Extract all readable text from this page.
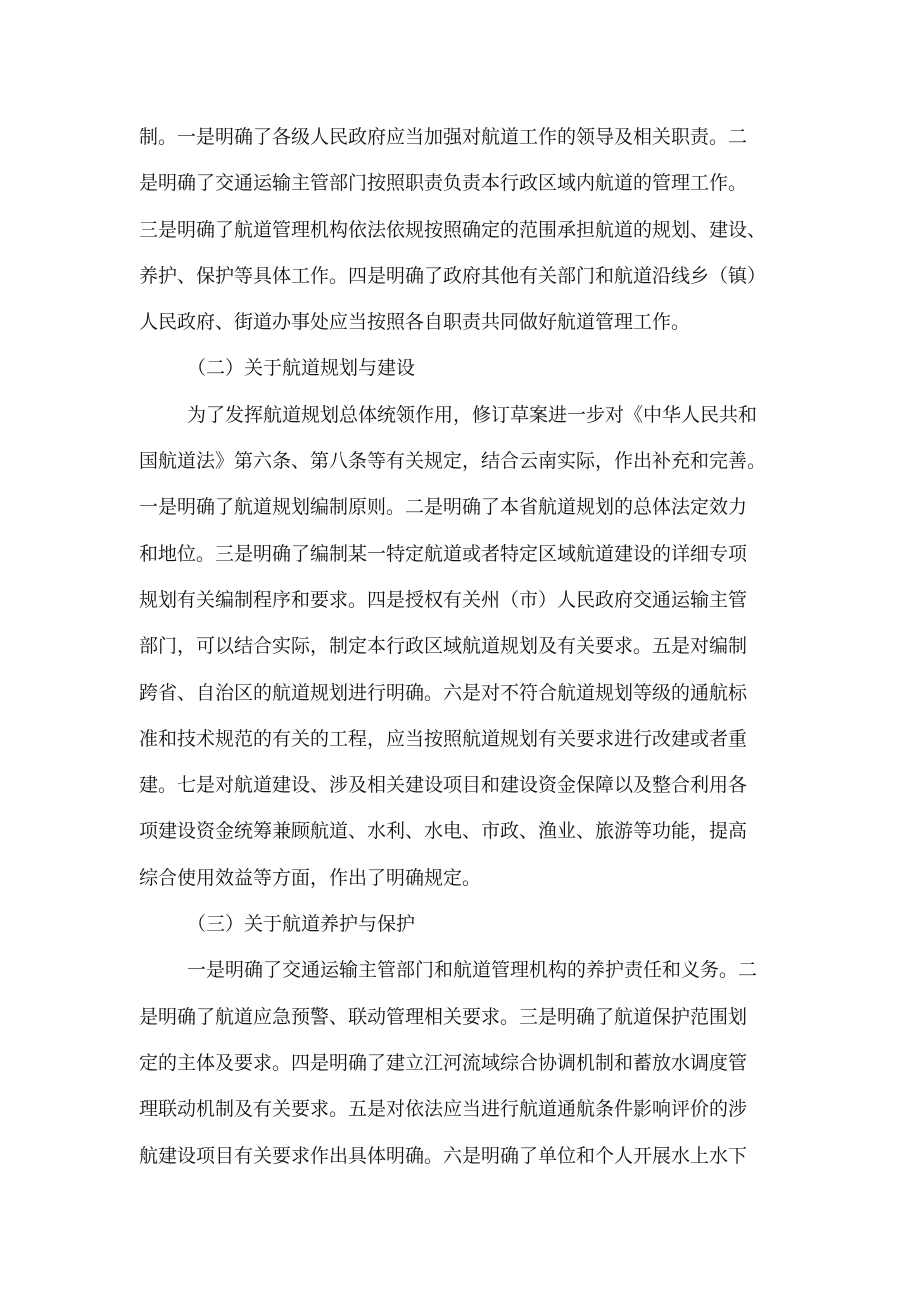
制。一是明确了各级人民政府应当加强对航道工作的领导及相关职责。二
是明确了交通运输主管部门按照职责负责本行政区域内航道的管理工作。
三是明确了航道管理机构依法依规按照确定的范围承担航道的规划、建设、
养护、保护等具体工作。四是明确了政府其他有关部门和航道沿线乡（镇）
人民政府、街道办事处应当按照各自职责共同做好航道管理工作。
（二）关于航道规划与建设
为了发挥航道规划总体统领作用，修订草案进一步对《中华人民共和
国航道法》第六条、第八条等有关规定，结合云南实际，作出补充和完善。
一是明确了航道规划编制原则。二是明确了本省航道规划的总体法定效力
和地位。三是明确了编制某一特定航道或者特定区域航道建设的详细专项
规划有关编制程序和要求。四是授权有关州（市）人民政府交通运输主管
部门，可以结合实际，制定本行政区域航道规划及有关要求。五是对编制
跨省、自治区的航道规划进行明确。六是对不符合航道规划等级的通航标
准和技术规范的有关的工程，应当按照航道规划有关要求进行改建或者重
建。七是对航道建设、涉及相关建设项目和建设资金保障以及整合利用各
项建设资金统筹兼顾航道、水利、水电、市政、渔业、旅游等功能，提高
综合使用效益等方面，作出了明确规定。
（三）关于航道养护与保护
一是明确了交通运输主管部门和航道管理机构的养护责任和义务。二
是明确了航道应急预警、联动管理相关要求。三是明确了航道保护范围划
定的主体及要求。四是明确了建立江河流域综合协调机制和蓄放水调度管
理联动机制及有关要求。五是对依法应当进行航道通航条件影响评价的涉
航建设项目有关要求作出具体明确。六是明确了单位和个人开展水上水下
